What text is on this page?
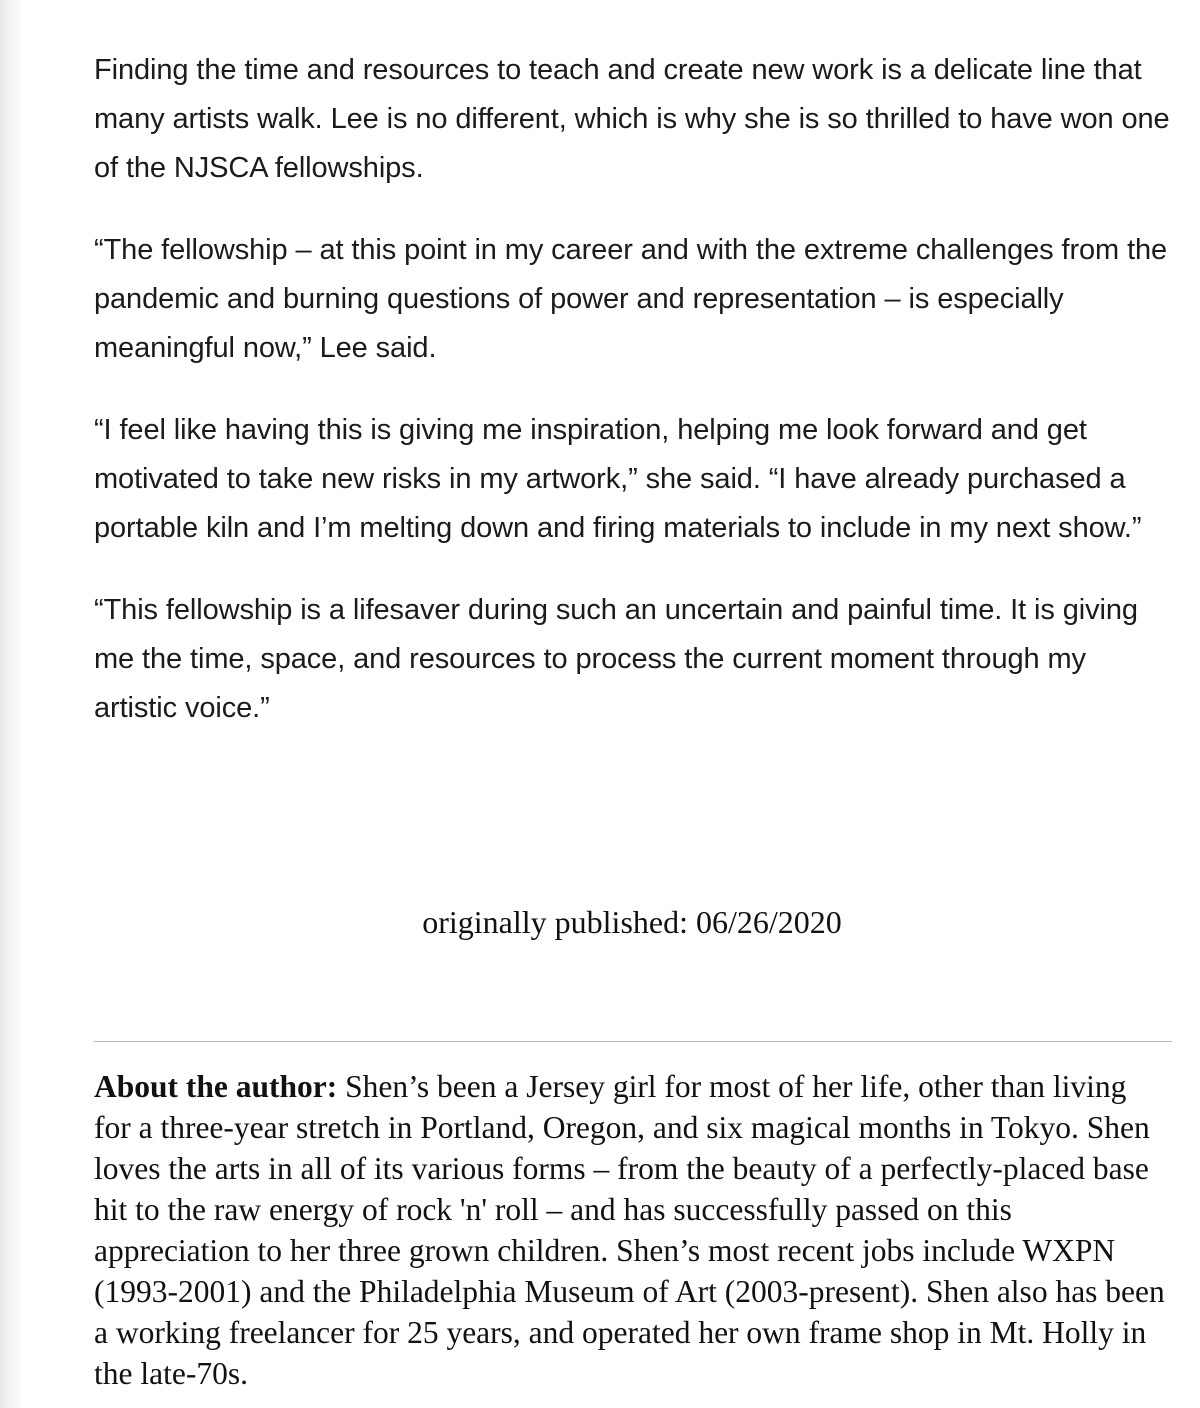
Finding the time and resources to teach and create new work is a delicate line that many artists walk. Lee is no different, which is why she is so thrilled to have won one of the NJSCA fellowships.

“The fellowship – at this point in my career and with the extreme challenges from the pandemic and burning questions of power and representation – is especially meaningful now,” Lee said.

“I feel like having this is giving me inspiration, helping me look forward and get motivated to take new risks in my artwork,” she said. “I have already purchased a portable kiln and I’m melting down and firing materials to include in my next show.”

“This fellowship is a lifesaver during such an uncertain and painful time. It is giving me the time, space, and resources to process the current moment through my artistic voice.”

originally published: 06/26/2020

About the author: Shen’s been a Jersey girl for most of her life, other than living for a three-year stretch in Portland, Oregon, and six magical months in Tokyo. Shen loves the arts in all of its various forms – from the beauty of a perfectly-placed base hit to the raw energy of rock 'n' roll – and has successfully passed on this appreciation to her three grown children. Shen’s most recent jobs include WXPN (1993-2001) and the Philadelphia Museum of Art (2003-present). Shen also has been a working freelancer for 25 years, and operated her own frame shop in Mt. Holly in the late-70s.
